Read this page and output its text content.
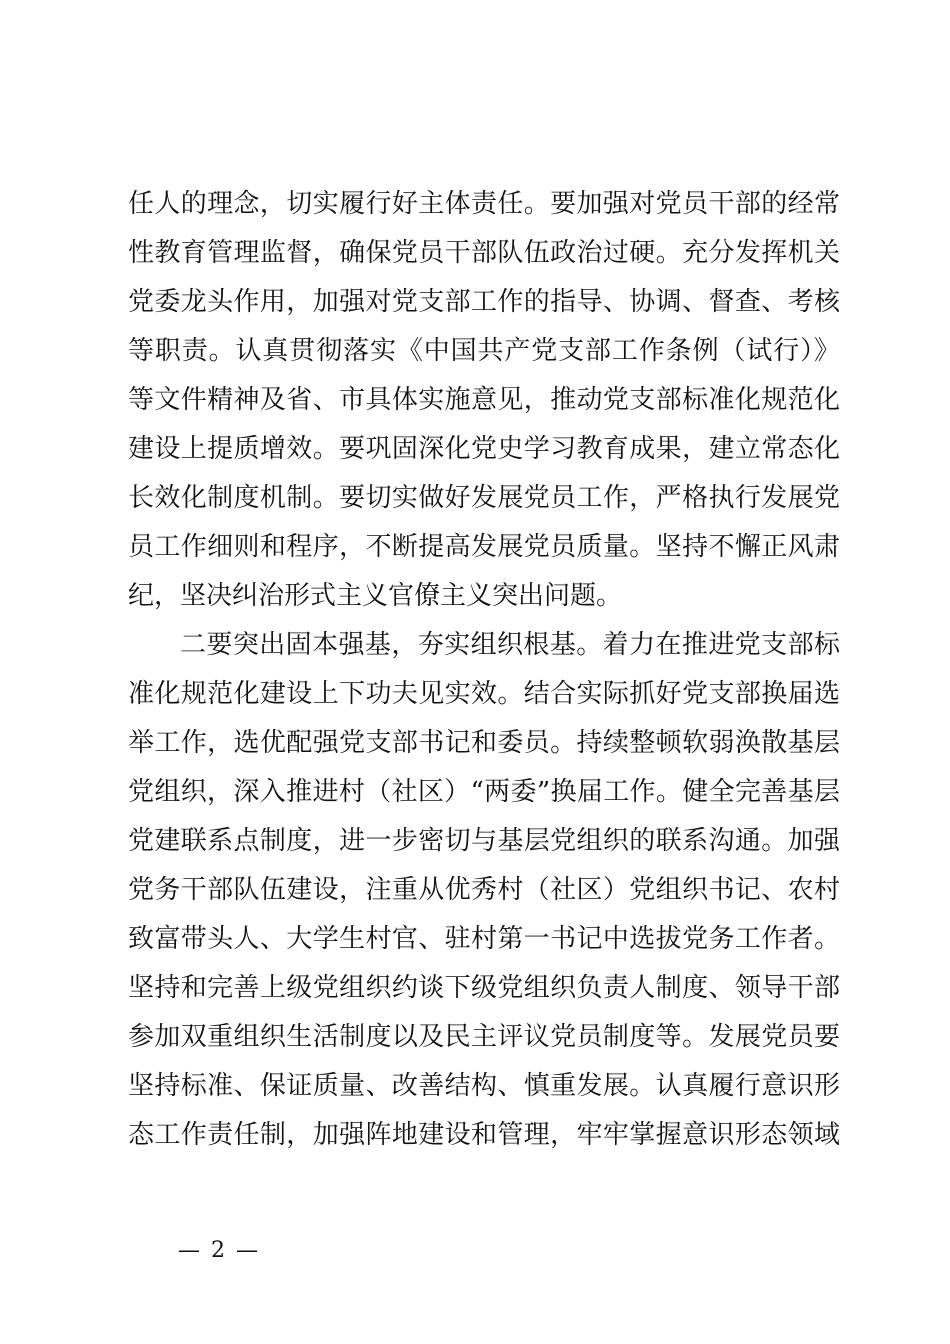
任人的理念，切实履行好主体责任。要加强对党员干部的经常
性教育管理监督，确保党员干部队伍政治过硬。充分发挥机关
党委龙头作用，加强对党支部工作的指导、协调、督查、考核
等职责。认真贯彻落实《中国共产党支部工作条例（试行）》
等文件精神及省、市具体实施意见，推动党支部标准化规范化
建设上提质增效。要巩固深化党史学习教育成果，建立常态化
长效化制度机制。要切实做好发展党员工作，严格执行发展党
员工作细则和程序，不断提高发展党员质量。坚持不懈正风肃
纪，坚决纠治形式主义官僚主义突出问题。
二要突出固本强基，夯实组织根基。着力在推进党支部标
准化规范化建设上下功夫见实效。结合实际抓好党支部换届选
举工作，选优配强党支部书记和委员。持续整顿软弱涣散基层
党组织，深入推进村（社区）“两委”换届工作。健全完善基层
党建联系点制度，进一步密切与基层党组织的联系沟通。加强
党务干部队伍建设，注重从优秀村（社区）党组织书记、农村
致富带头人、大学生村官、驻村第一书记中选拔党务工作者。
坚持和完善上级党组织约谈下级党组织负责人制度、领导干部
参加双重组织生活制度以及民主评议党员制度等。发展党员要
坚持标准、保证质量、改善结构、慎重发展。认真履行意识形
态工作责任制，加强阵地建设和管理，牢牢掌握意识形态领域
— 2 —
